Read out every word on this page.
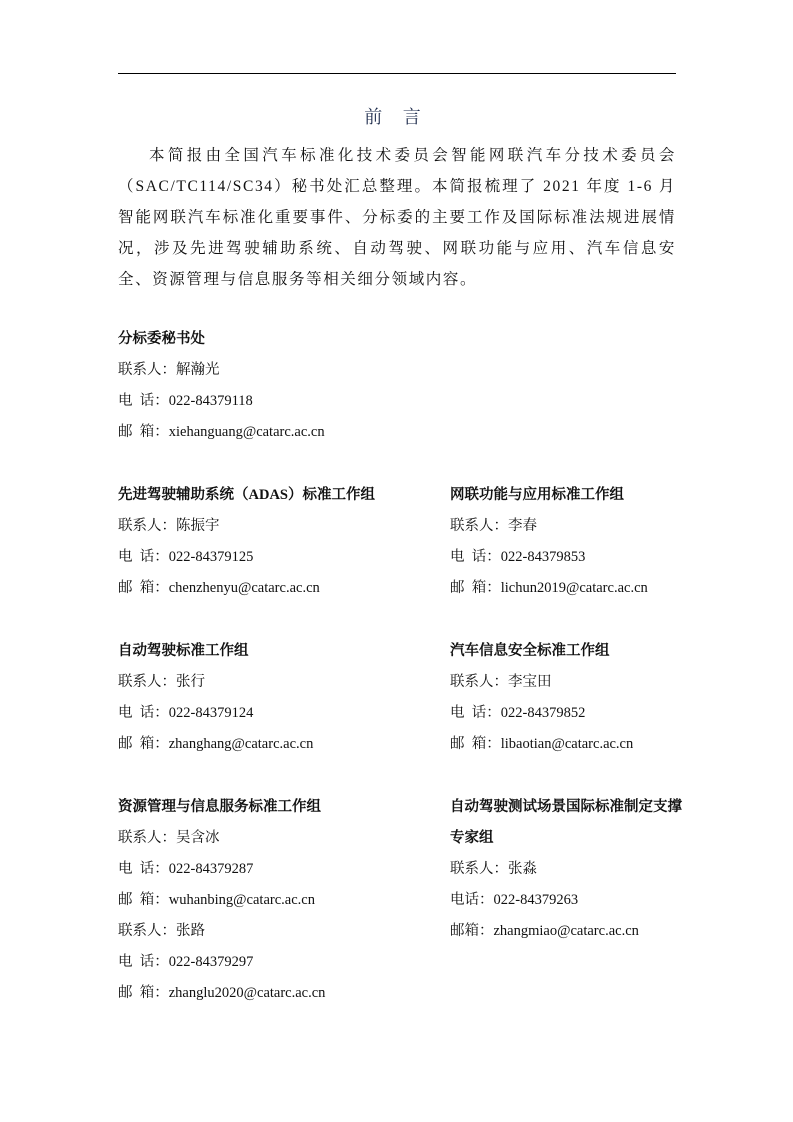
前 言

本简报由全国汽车标准化技术委员会智能网联汽车分技术委员会（SAC/TC114/SC34）秘书处汇总整理。本简报梳理了 2021 年度 1-6 月智能网联汽车标准化重要事件、分标委的主要工作及国际标准法规进展情况，涉及先进驾驶辅助系统、自动驾驶、网联功能与应用、汽车信息安全、资源管理与信息服务等相关细分领域内容。

分标委秘书处
联系人：解瀚光
电  话：022-84379118
邮  箱：xiehanguang@catarc.ac.cn
先进驾驶辅助系统（ADAS）标准工作组
联系人：陈振宇
电  话：022-84379125
邮  箱：chenzhenyu@catarc.ac.cn
网联功能与应用标准工作组
联系人：李春
电  话：022-84379853
邮  箱：lichun2019@catarc.ac.cn
自动驾驶标准工作组
联系人：张行
电  话：022-84379124
邮  箱：zhanghang@catarc.ac.cn
汽车信息安全标准工作组
联系人：李宝田
电  话：022-84379852
邮  箱：libaotian@catarc.ac.cn
资源管理与信息服务标准工作组
联系人：吴含冰
电  话：022-84379287
邮  箱：wuhanbing@catarc.ac.cn
联系人：张路
电  话：022-84379297
邮  箱：zhanglu2020@catarc.ac.cn
自动驾驶测试场景国际标准制定支撑专家组
联系人：张淼
电话：022-84379263
邮箱：zhangmiao@catarc.ac.cn
